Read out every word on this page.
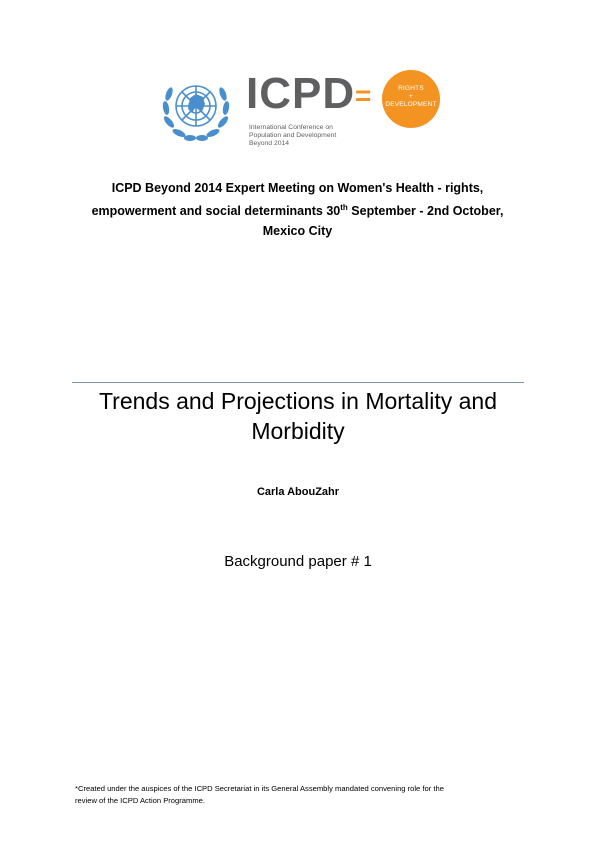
ICPD =	RIGHTS
+
DEVELOPMENT
International Conference on
Population and Development
Beyond 2014
ICPD Beyond 2014 Expert Meeting on Women's Health - rights,
empowerment and social determinants 30th September - 2nd October,
Mexico City
Trends and Projections in Mortality and
Morbidity
Carla AbouZahr
Background paper # 1
*Created under the auspices of the ICPD Secretariat in its General Assembly mandated convening role for the
review of the ICPD Action Programme.
